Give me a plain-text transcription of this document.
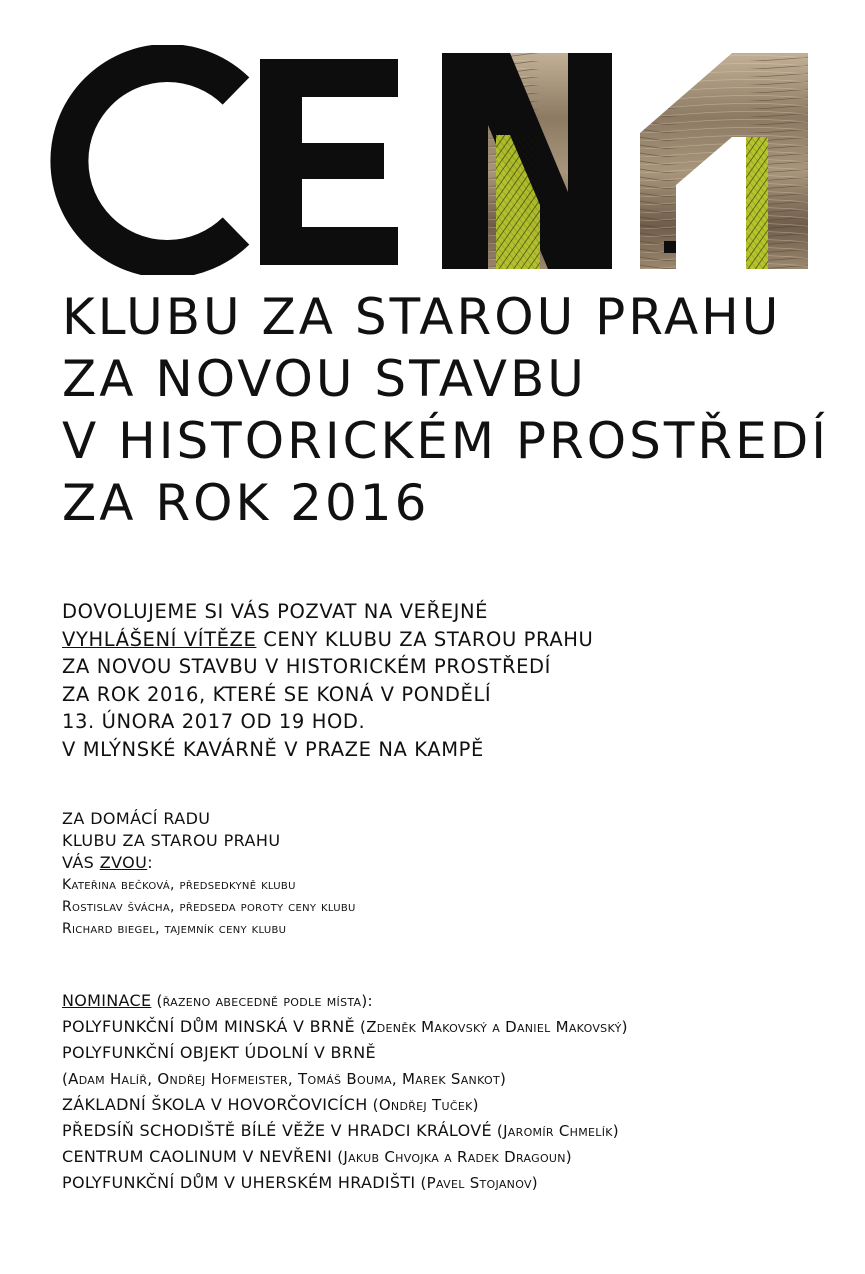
KLUBU ZA STAROU PRAHU
ZA NOVOU STAVBU
V HISTORICKÉM PROSTŘEDÍ
ZA ROK 2016
DOVOLUJEME SI VÁS POZVAT NA VEŘEJNÉ
VYHLÁŠENÍ VÍTĚZE CENY KLUBU ZA STAROU PRAHU
ZA NOVOU STAVBU V HISTORICKÉM PROSTŘEDÍ
ZA ROK 2016, KTERÉ SE KONÁ V PONDĚLÍ
13. ÚNORA 2017 OD 19 HOD.
V MLÝNSKÉ KAVÁRNĚ V PRAZE NA KAMPĚ
ZA DOMÁCÍ RADU
KLUBU ZA STAROU PRAHU
VÁS ZVOU:
Kateřina bečková, předsedkyně klubu
Rostislav švácha, předseda poroty ceny klubu
Richard biegel, tajemník ceny klubu
NOMINACE (řazeno abecedně podle místa):
POLYFUNKČNÍ DŮM MINSKÁ V BRNĚ (Zdeněk Makovský a Daniel Makovský)
POLYFUNKČNÍ OBJEKT ÚDOLNÍ V BRNĚ
(Adam Halíř, Ondřej Hofmeister, Tomáš Bouma, Marek Sankot)
ZÁKLADNÍ ŠKOLA V HOVORČOVICÍCH (Ondřej Tuček)
PŘEDSÍŇ SCHODIŠTĚ BÍLÉ VĚŽE V HRADCI KRÁLOVÉ (Jaromír Chmelík)
CENTRUM CAOLINUM V NEVŘENI (Jakub Chvojka a Radek Dragoun)
POLYFUNKČNÍ DŮM V UHERSKÉM HRADIŠTI (Pavel Stojanov)
